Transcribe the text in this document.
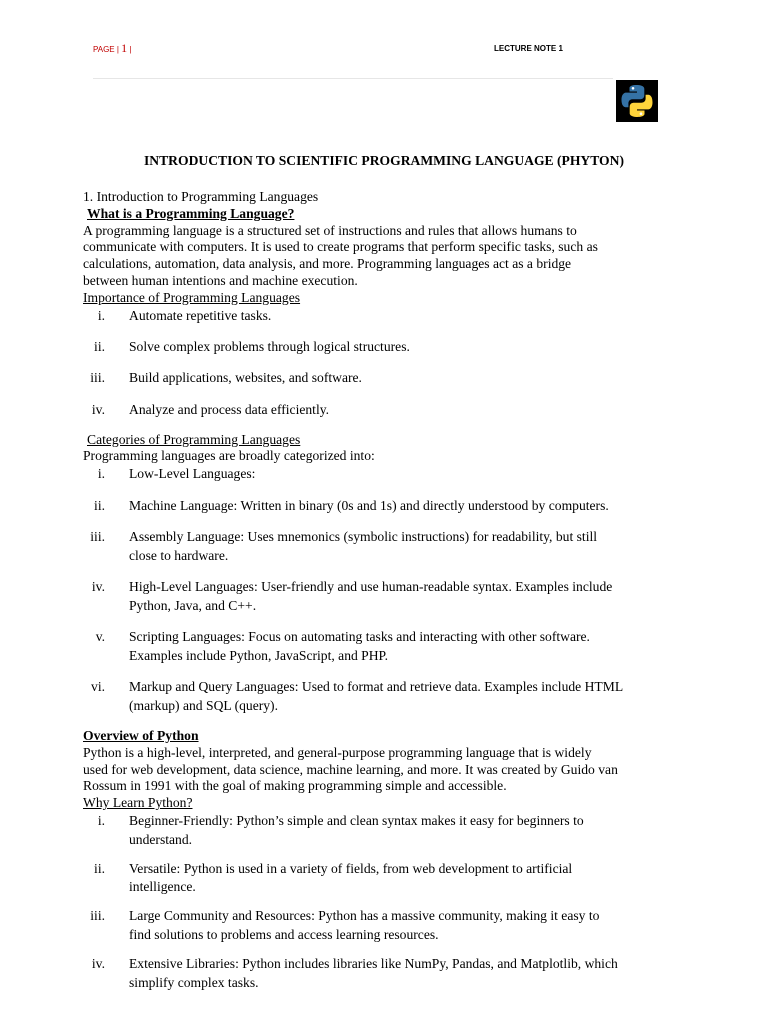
PAGE | 1 |	LECTURE NOTE 1
INTRODUCTION TO SCIENTIFIC PROGRAMMING LANGUAGE (PHYTON)
1. Introduction to Programming Languages
What is a Programming Language?

A programming language is a structured set of instructions and rules that allows humans to

communicate with computers. It is used to create programs that perform specific tasks, such as

calculations, automation, data analysis, and more. Programming languages act as a bridge

between human intentions and machine execution.

Importance of Programming Languages
i. Automate repetitive tasks.
ii. Solve complex problems through logical structures.
iii. Build applications, websites, and software.
iv. Analyze and process data efficiently.
Categories of Programming Languages
Programming languages are broadly categorized into:
i. Low-Level Languages:
ii. Machine Language: Written in binary (0s and 1s) and directly understood by computers.
iii. Assembly Language: Uses mnemonics (symbolic instructions) for readability, but still
close to hardware.
iv. High-Level Languages: User-friendly and use human-readable syntax. Examples include
Python, Java, and C++.
v. Scripting Languages: Focus on automating tasks and interacting with other software.
Examples include Python, JavaScript, and PHP.
vi. Markup and Query Languages: Used to format and retrieve data. Examples include HTML
(markup) and SQL (query).
Overview of Python

Python is a high-level, interpreted, and general-purpose programming language that is widely

used for web development, data science, machine learning, and more. It was created by Guido van

Rossum in 1991 with the goal of making programming simple and accessible.

Why Learn Python?
i. Beginner-Friendly: Python’s simple and clean syntax makes it easy for beginners to
understand.
ii. Versatile: Python is used in a variety of fields, from web development to artificial
intelligence.
iii. Large Community and Resources: Python has a massive community, making it easy to
find solutions to problems and access learning resources.
iv. Extensive Libraries: Python includes libraries like NumPy, Pandas, and Matplotlib, which
simplify complex tasks.
